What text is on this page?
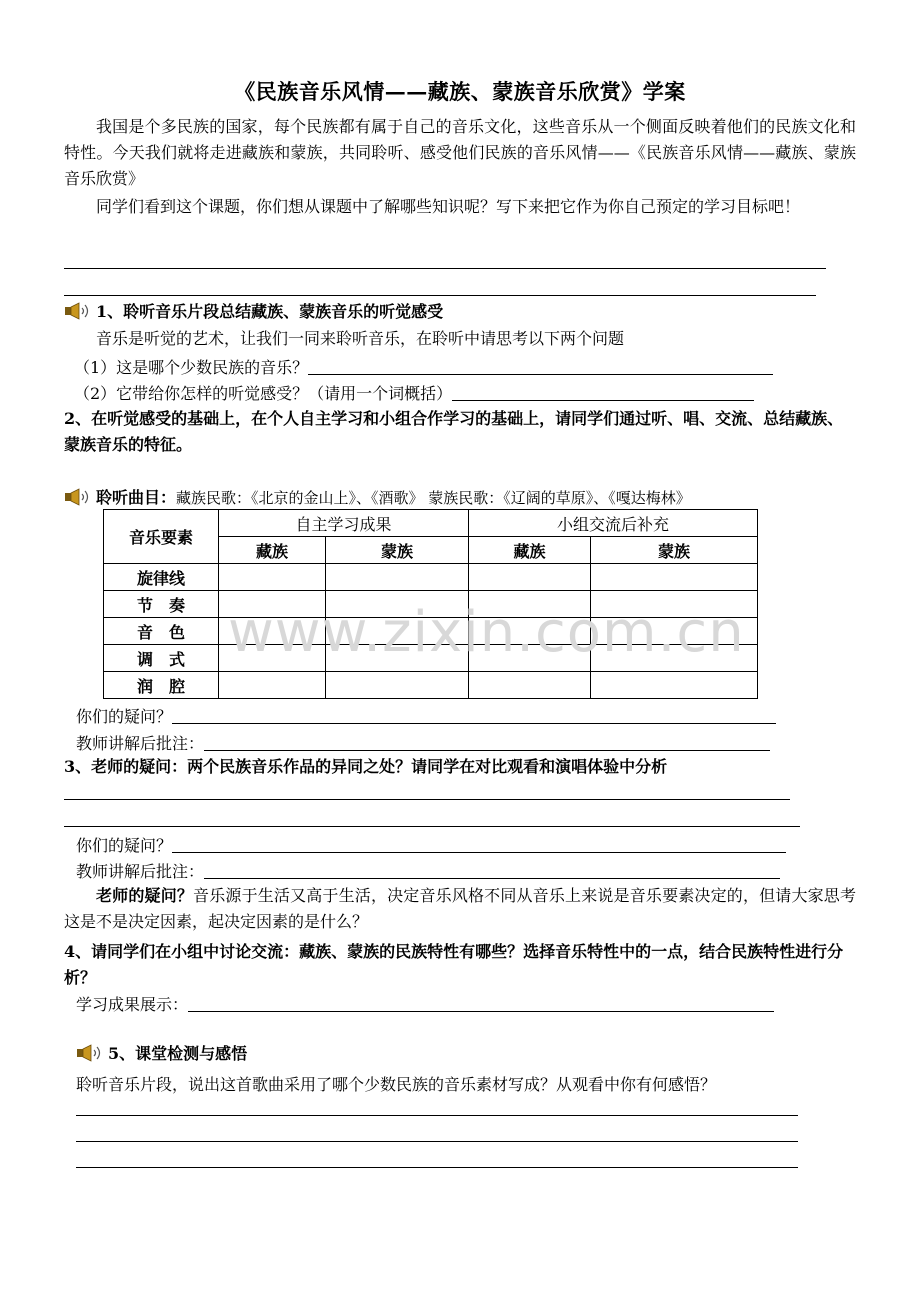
《民族音乐风情——藏族、蒙族音乐欣赏》学案
我国是个多民族的国家，每个民族都有属于自己的音乐文化，这些音乐从一个侧面反映着他们的民族文化和特性。今天我们就将走进藏族和蒙族，共同聆听、感受他们民族的音乐风情——《民族音乐风情——藏族、蒙族音乐欣赏》
同学们看到这个课题，你们想从课题中了解哪些知识呢？写下来把它作为你自己预定的学习目标吧！
1、聆听音乐片段总结藏族、蒙族音乐的听觉感受
音乐是听觉的艺术，让我们一同来聆听音乐，在聆听中请思考以下两个问题
（1）这是哪个少数民族的音乐？
（2）它带给你怎样的听觉感受？（请用一个词概括）
2、在听觉感受的基础上，在个人自主学习和小组合作学习的基础上，请同学们通过听、唱、交流、总结藏族、蒙族音乐的特征。
聆听曲目：藏族民歌：《北京的金山上》、《酒歌》 蒙族民歌：《辽阔的草原》、《嘎达梅林》
音乐要素	自主学习成果		小组交流后补充	
	藏族	蒙族	藏族	蒙族
旋律线				
节　奏				
音　色				
调　式				
润　腔				
www.zixin.com.cn
你们的疑问？
教师讲解后批注：
3、老师的疑问：两个民族音乐作品的异同之处？请同学在对比观看和演唱体验中分析
你们的疑问？
教师讲解后批注：
老师的疑问？音乐源于生活又高于生活，决定音乐风格不同从音乐上来说是音乐要素决定的，但请大家思考这是不是决定因素，起决定因素的是什么？
4、请同学们在小组中讨论交流：藏族、蒙族的民族特性有哪些？选择音乐特性中的一点，结合民族特性进行分析？
学习成果展示：
5、课堂检测与感悟
聆听音乐片段，说出这首歌曲采用了哪个少数民族的音乐素材写成？从观看中你有何感悟？
